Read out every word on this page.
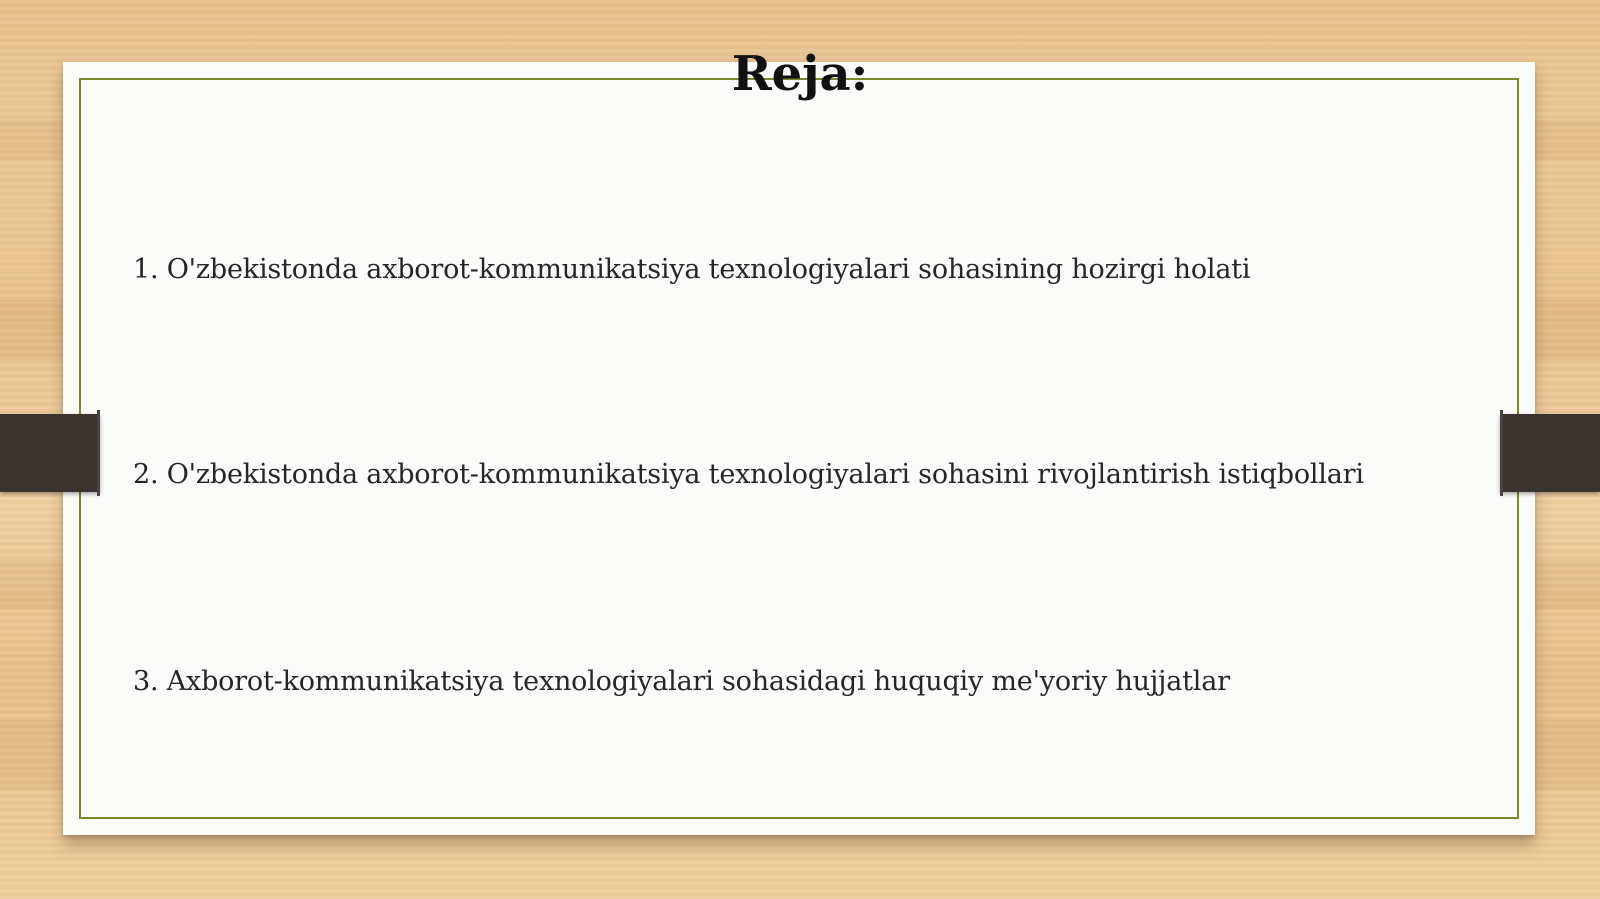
Reja:
1. O'zbekistonda axborot-kommunikatsiya texnologiyalari sohasining hozirgi holati
2. O'zbekistonda axborot-kommunikatsiya texnologiyalari sohasini rivojlantirish istiqbollari
3. Axborot-kommunikatsiya texnologiyalari sohasidagi huquqiy me'yoriy hujjatlar
